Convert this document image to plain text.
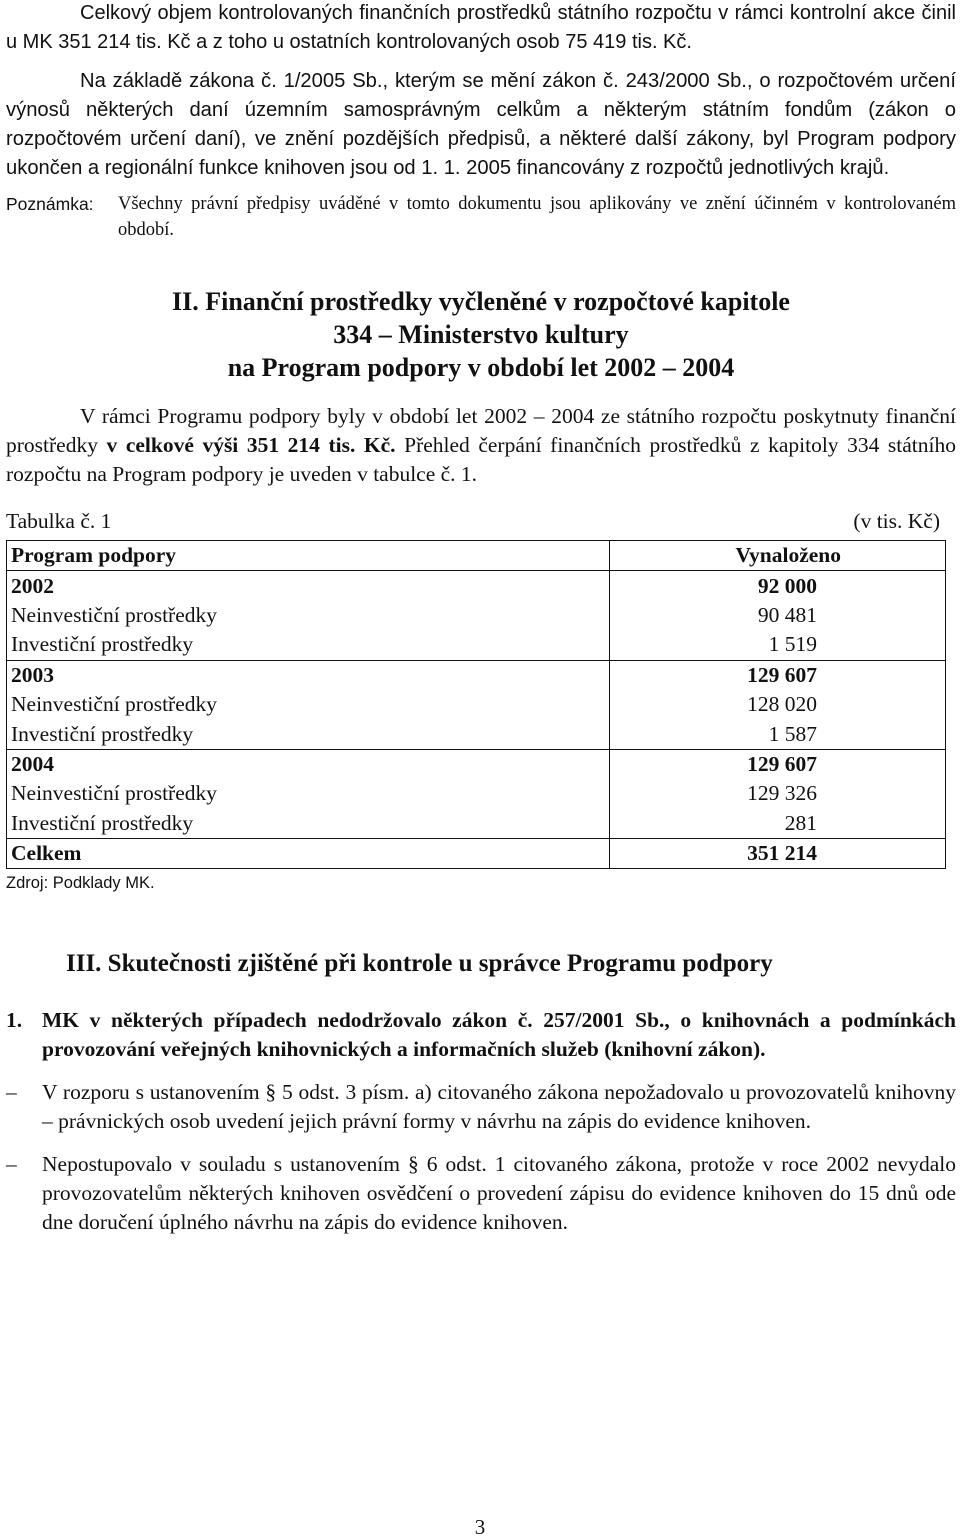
Celkový objem kontrolovaných finančních prostředků státního rozpočtu v rámci kontrolní akce činil u MK 351 214 tis. Kč a z toho u ostatních kontrolovaných osob 75 419 tis. Kč.

Na základě zákona č. 1/2005 Sb., kterým se mění zákon č. 243/2000 Sb., o rozpočtovém určení výnosů některých daní územním samosprávným celkům a některým státním fondům (zákon o rozpočtovém určení daní), ve znění pozdějších předpisů, a některé další zákony, byl Program podpory ukončen a regionální funkce knihoven jsou od 1. 1. 2005 financovány z rozpočtů jednotlivých krajů.

Poznámka:	Všechny právní předpisy uváděné v tomto dokumentu jsou aplikovány ve znění účinném v kontrolovaném období.
II. Finanční prostředky vyčleněné v rozpočtové kapitole
334 – Ministerstvo kultury
na Program podpory v období let 2002 – 2004

V rámci Programu podpory byly v období let 2002 – 2004 ze státního rozpočtu poskytnuty finanční prostředky v celkové výši 351 214 tis. Kč. Přehled čerpání finančních prostředků z kapitoly 334 státního rozpočtu na Program podpory je uveden v tabulce č. 1.

Tabulka č. 1	(v tis. Kč)
Program podpory	Vynaloženo
2002	92 000
Neinvestiční prostředky	90 481
Investiční prostředky	1 519
2003	129 607
Neinvestiční prostředky	128 020
Investiční prostředky	1 587
2004	129 607
Neinvestiční prostředky	129 326
Investiční prostředky	281
Celkem	351 214

Zdroj: Podklady MK.

III. Skutečnosti zjištěné při kontrole u správce Programu podpory
1. MK v některých případech nedodržovalo zákon č. 257/2001 Sb., o knihovnách a podmínkách provozování veřejných knihovnických a informačních služeb (knihovní zákon).
–	V rozporu s ustanovením § 5 odst. 3 písm. a) citovaného zákona nepožadovalo u provozovatelů knihovny – právnických osob uvedení jejich právní formy v návrhu na zápis do evidence knihoven.
–	Nepostupovalo v souladu s ustanovením § 6 odst. 1 citovaného zákona, protože v roce 2002 nevydalo provozovatelům některých knihoven osvědčení o provedení zápisu do evidence knihoven do 15 dnů ode dne doručení úplného návrhu na zápis do evidence knihoven.
3
